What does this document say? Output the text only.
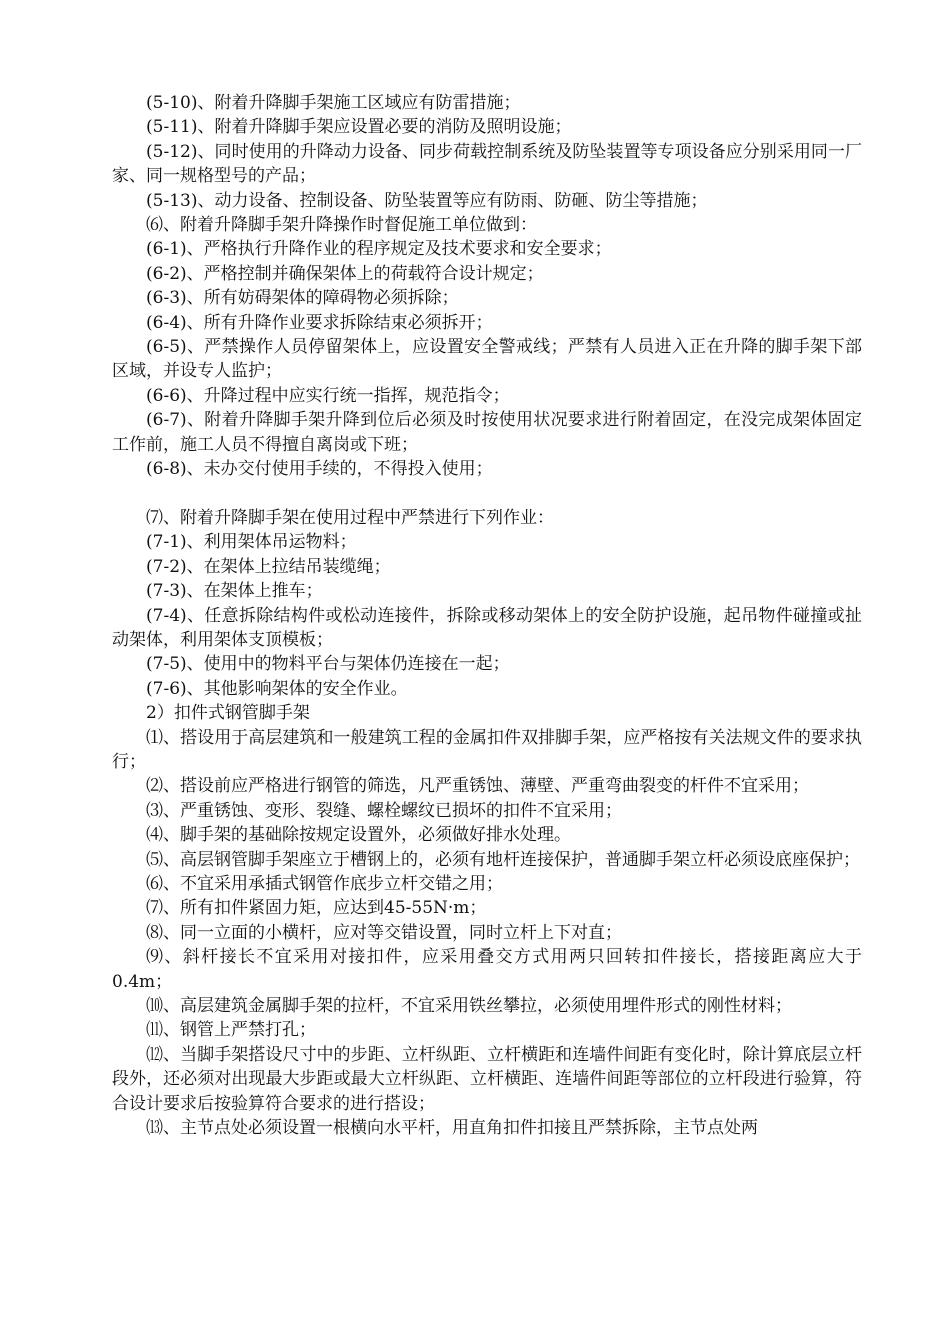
(5-10)、附着升降脚手架施工区域应有防雷措施；

(5-11)、附着升降脚手架应设置必要的消防及照明设施；

(5-12)、同时使用的升降动力设备、同步荷载控制系统及防坠装置等专项设备应分别采用同一厂家、同一规格型号的产品；

(5-13)、动力设备、控制设备、防坠装置等应有防雨、防砸、防尘等措施；

⑹、附着升降脚手架升降操作时督促施工单位做到：

(6-1)、严格执行升降作业的程序规定及技术要求和安全要求；

(6-2)、严格控制并确保架体上的荷载符合设计规定；

(6-3)、所有妨碍架体的障碍物必须拆除；

(6-4)、所有升降作业要求拆除结束必须拆开；

(6-5)、严禁操作人员停留架体上，应设置安全警戒线；严禁有人员进入正在升降的脚手架下部区域，并设专人监护；

(6-6)、升降过程中应实行统一指挥，规范指令；

(6-7)、附着升降脚手架升降到位后必须及时按使用状况要求进行附着固定，在没完成架体固定工作前，施工人员不得擅自离岗或下班；

(6-8)、未办交付使用手续的，不得投入使用；

⑺、附着升降脚手架在使用过程中严禁进行下列作业：

(7-1)、利用架体吊运物料；

(7-2)、在架体上拉结吊装缆绳；

(7-3)、在架体上推车；

(7-4)、任意拆除结构件或松动连接件，拆除或移动架体上的安全防护设施，起吊物件碰撞或扯动架体，利用架体支顶模板；

(7-5)、使用中的物料平台与架体仍连接在一起；

(7-6)、其他影响架体的安全作业。

2）扣件式钢管脚手架

⑴、搭设用于高层建筑和一般建筑工程的金属扣件双排脚手架，应严格按有关法规文件的要求执行；

⑵、搭设前应严格进行钢管的筛选，凡严重锈蚀、薄壁、严重弯曲裂变的杆件不宜采用；

⑶、严重锈蚀、变形、裂缝、螺栓螺纹已损坏的扣件不宜采用；

⑷、脚手架的基础除按规定设置外，必须做好排水处理。

⑸、高层钢管脚手架座立于槽钢上的，必须有地杆连接保护，普通脚手架立杆必须设底座保护；

⑹、不宜采用承插式钢管作底步立杆交错之用；

⑺、所有扣件紧固力矩，应达到45-55N·m；

⑻、同一立面的小横杆，应对等交错设置，同时立杆上下对直；

⑼、斜杆接长不宜采用对接扣件，应采用叠交方式用两只回转扣件接长，搭接距离应大于0.4m；

⑽、高层建筑金属脚手架的拉杆，不宜采用铁丝攀拉，必须使用埋件形式的刚性材料；

⑾、钢管上严禁打孔；

⑿、当脚手架搭设尺寸中的步距、立杆纵距、立杆横距和连墙件间距有变化时，除计算底层立杆段外，还必须对出现最大步距或最大立杆纵距、立杆横距、连墙件间距等部位的立杆段进行验算，符合设计要求后按验算符合要求的进行搭设；

⒀、主节点处必须设置一根横向水平杆，用直角扣件扣接且严禁拆除，主节点处两
